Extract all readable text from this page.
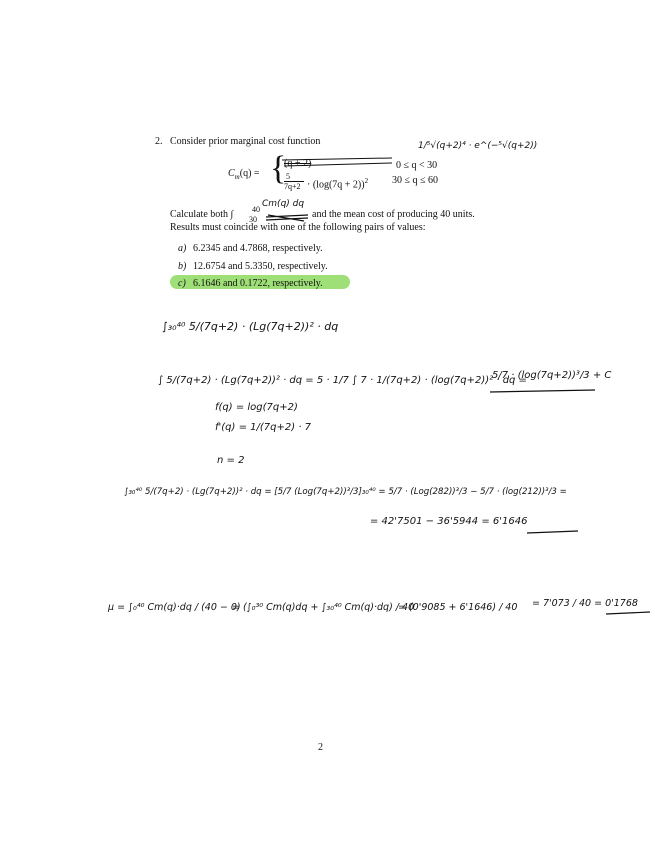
2. Consider prior marginal cost function
$C_m(q)$ = {
(q + 2)	0 ≤ q < 30
5
$7q+2 \cdot (\log(7q + 2))^2$ 30 ≤ q ≤ 60
Calculate both ∫ 40
30	and the mean cost of producing 40 units.
Results must coincide with one of the following pairs of values:
a) 6.2345 and 4.7868, respectively.
b) 12.6754 and 5.3350, respectively.
c) 6.1646 and 0.1722, respectively.
1/⁵√(q+2)⁴ · e^(−⁵√(q+2))
Cm(q) dq
∫₃₀⁴⁰ 5/(7q+2) · (Lg(7q+2))² · dq
∫ 5/(7q+2) · (Lg(7q+2))² · dq = 5 · 1/7 ∫ 7 · 1/(7q+2) · (log(7q+2))² · dq =
5/7 · (log(7q+2))³/3 + C
f(q) = log(7q+2)
f'(q) = 1/(7q+2) · 7
n = 2
∫₃₀⁴⁰ 5/(7q+2) · (Lg(7q+2))² · dq = [5/7 (Log(7q+2))³/3]₃₀⁴⁰ = 5/7 · (Log(282))³/3 − 5/7 · (log(212))³/3 =
= 42'7501 − 36'5944 = 6'1646
μ = ∫₀⁴⁰ Cm(q)·dq / (40 − 0)
= (∫₀³⁰ Cm(q)dq + ∫₃₀⁴⁰ Cm(q)·dq) / 40
= (0'9085 + 6'1646) / 40 = 7'073 / 40 = 0'1768
2
